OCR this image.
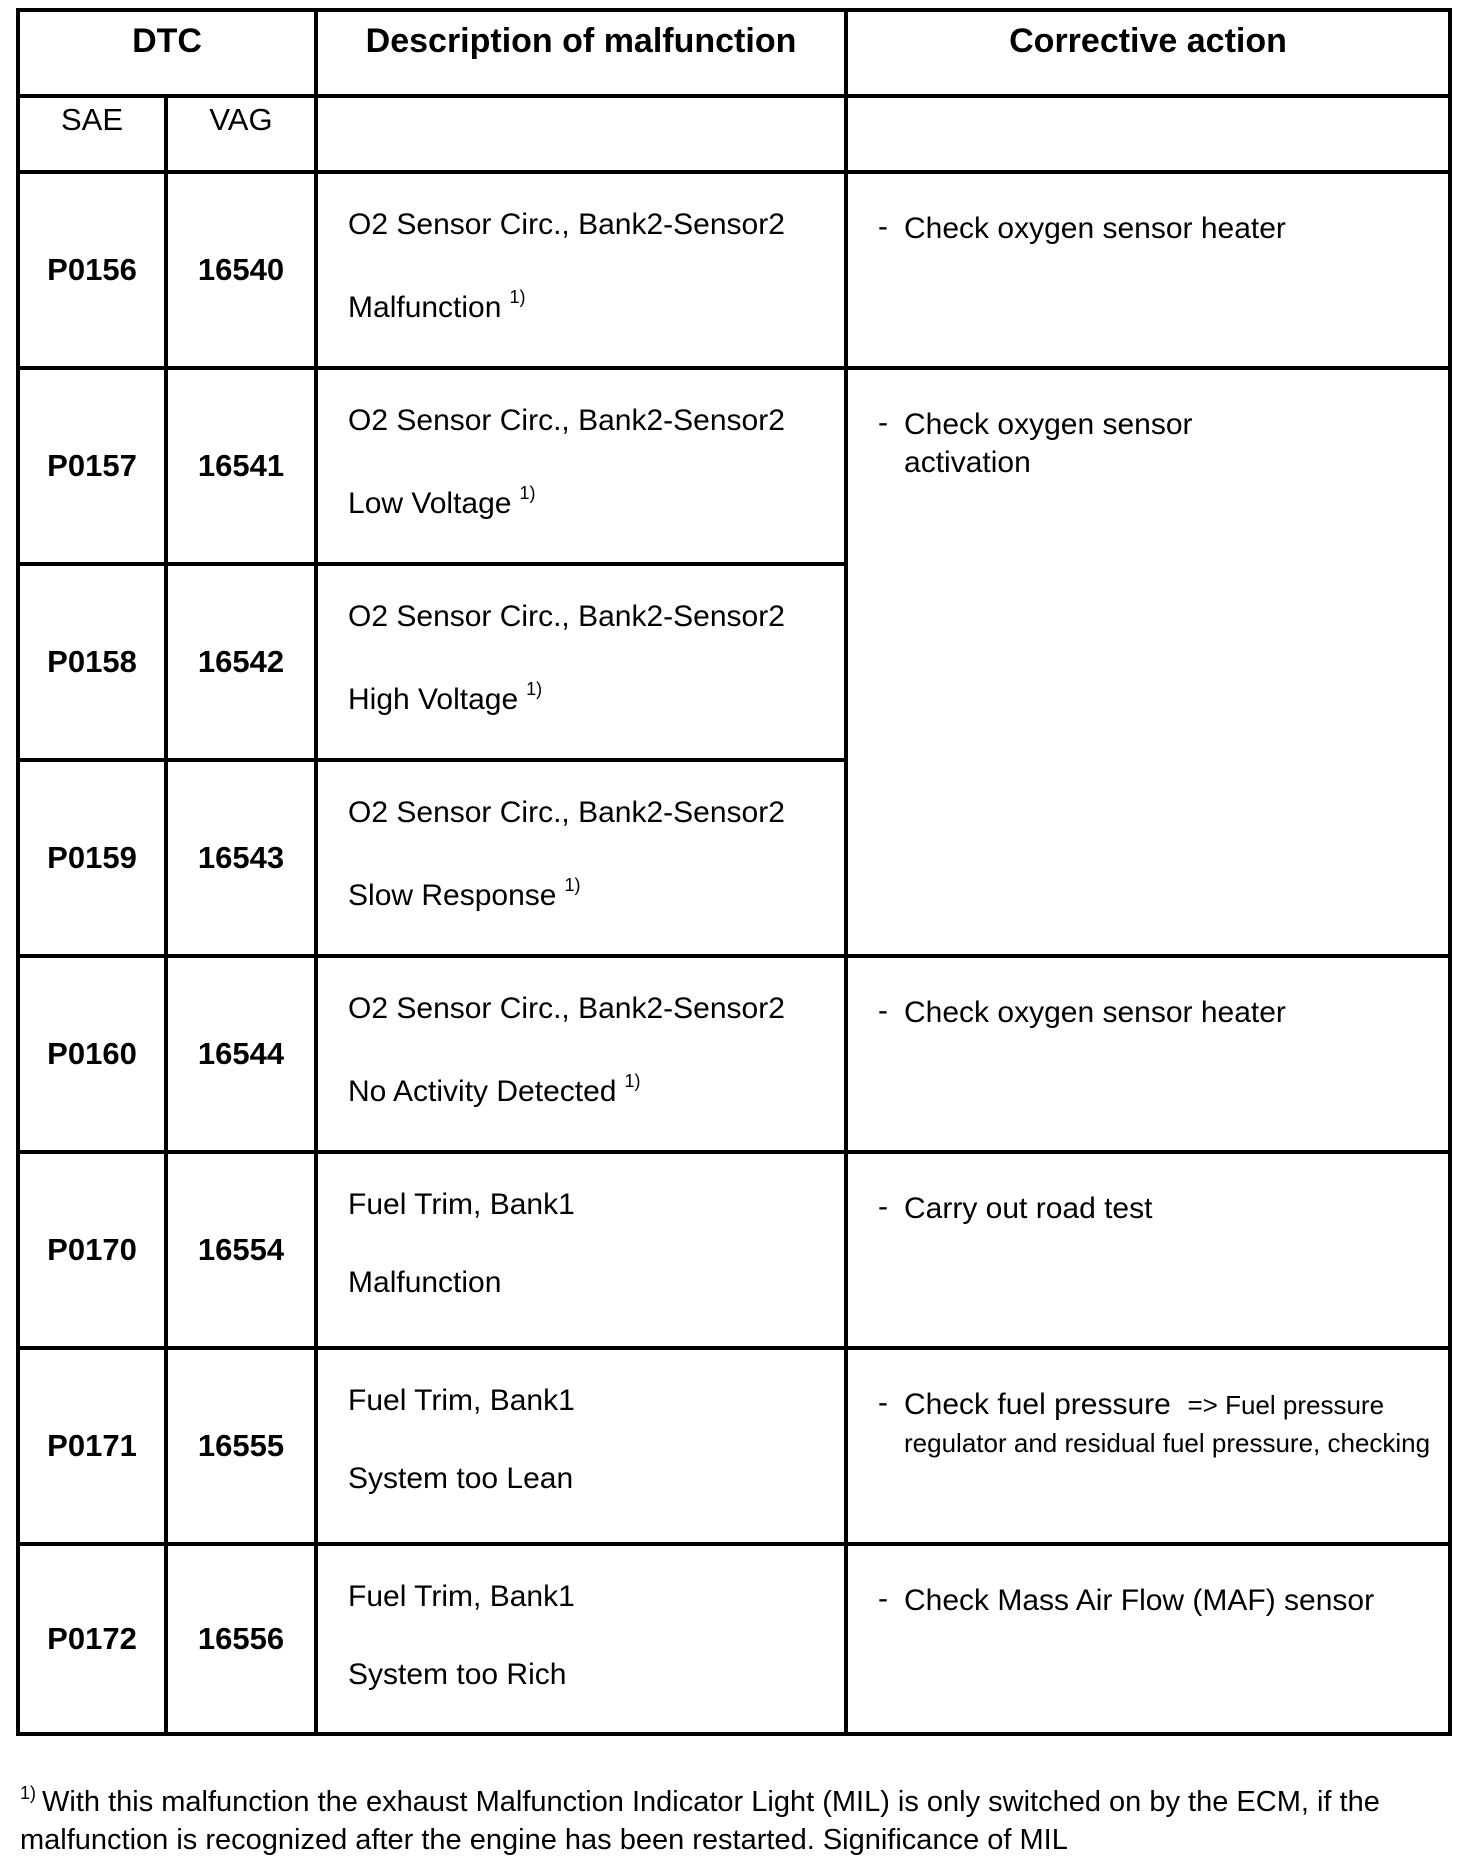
DTC		Description of malfunction	Corrective action
SAE	VAG		
P0156	16540	O2 Sensor Circ., Bank2-Sensor2
Malfunction $^{1)}$	- Check oxygen sensor heater

P0157	16541	O2 Sensor Circ., Bank2-Sensor2
Low Voltage $^{1)}$	- Check oxygen sensor
activation

P0158	16542	O2 Sensor Circ., Bank2-Sensor2
High Voltage $^{1)}$

P0159	16543	O2 Sensor Circ., Bank2-Sensor2
Slow Response $^{1)}$

P0160	16544	O2 Sensor Circ., Bank2-Sensor2
No Activity Detected $^{1)}$	- Check oxygen sensor heater

P0170	16554	Fuel Trim, Bank1
Malfunction	- Carry out road test

P0171	16555	Fuel Trim, Bank1
System too Lean	- Check fuel pressure => Fuel pressure regulator and residual fuel pressure, checking

P0172	16556	Fuel Trim, Bank1
System too Rich	- Check Mass Air Flow (MAF) sensor
$^{1)}$ With this malfunction the exhaust Malfunction Indicator Light (MIL) is only switched on by the ECM, if the malfunction is recognized after the engine has been restarted. Significance of MIL
